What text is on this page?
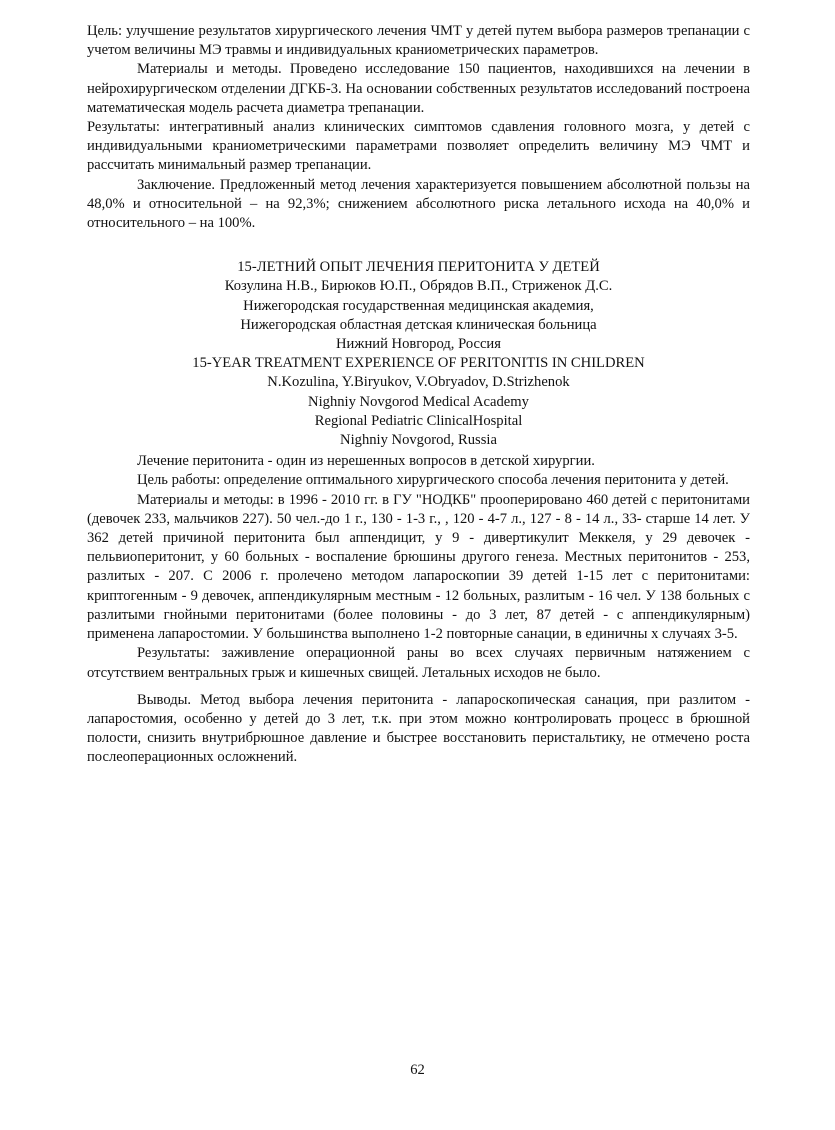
Цель: улучшение результатов хирургического лечения ЧМТ у детей путем выбора размеров трепанации с учетом величины МЭ травмы и индивидуальных краниометрических параметров.

Материалы и методы. Проведено исследование 150 пациентов, находившихся на лечении в нейрохирургическом отделении ДГКБ-3. На основании собственных результатов исследований построена математическая модель расчета диаметра трепанации.

Результаты: интегративный анализ клинических симптомов сдавления головного мозга, у детей с индивидуальными краниометрическими параметрами позволяет определить величину МЭ ЧМТ и рассчитать минимальный размер трепанации.

Заключение. Предложенный метод лечения характеризуется повышением абсолютной пользы на 48,0% и относительной – на 92,3%; снижением абсолютного риска летального исхода на 40,0% и относительного – на 100%.

15-ЛЕТНИЙ ОПЫТ ЛЕЧЕНИЯ ПЕРИТОНИТА У ДЕТЕЙ
Козулина Н.В., Бирюков Ю.П., Обрядов В.П., Стриженок Д.С.
Нижегородская государственная медицинская академия,
Нижегородская областная детская клиническая больница
Нижний Новгород, Россия
15-YEAR TREATMENT EXPERIENCE OF PERITONITIS IN CHILDREN
N.Kozulina, Y.Biryukov, V.Obryadov, D.Strizhenok
Nighniy Novgorod Medical Academy
Regional Pediatric ClinicalHospital
Nighniy Novgorod, Russia

Лечение перитонита - один из нерешенных вопросов в детской хирургии.

Цель работы: определение оптимального хирургического способа лечения перитонита у детей.

Материалы и методы: в 1996 - 2010 гг. в ГУ "НОДКБ" прооперировано 460 детей с перитонитами (девочек 233, мальчиков 227). 50 чел.-до 1 г., 130 - 1-3 г., , 120 - 4-7 л., 127 - 8 - 14 л., 33- старше 14 лет. У 362 детей причиной перитонита был аппендицит, у 9 - дивертикулит Меккеля, у 29 девочек - пельвиоперитонит, у 60 больных - воспаление брюшины другого генеза. Местных перитонитов - 253, разлитых - 207. С 2006 г. пролечено методом лапароскопии 39 детей 1-15 лет с перитонитами: криптогенным - 9 девочек, аппендикулярным местным - 12 больных, разлитым - 16 чел. У 138 больных с разлитыми гнойными перитонитами (более половины - до 3 лет, 87 детей - с аппендикулярным) применена лапаростомии. У большинства выполнено 1-2 повторные санации, в единичны х случаях 3-5.

Результаты: заживление операционной раны во всех случаях первичным натяжением с отсутствием вентральных грыж и кишечных свищей. Летальных исходов не было.

Выводы. Метод выбора лечения перитонита - лапароскопическая санация, при разлитом - лапаростомия, особенно у детей до 3 лет, т.к. при этом можно контролировать процесс в брюшной полости, снизить внутрибрюшное давление и быстрее восстановить перистальтику, не отмечено роста послеоперационных осложнений.

62
